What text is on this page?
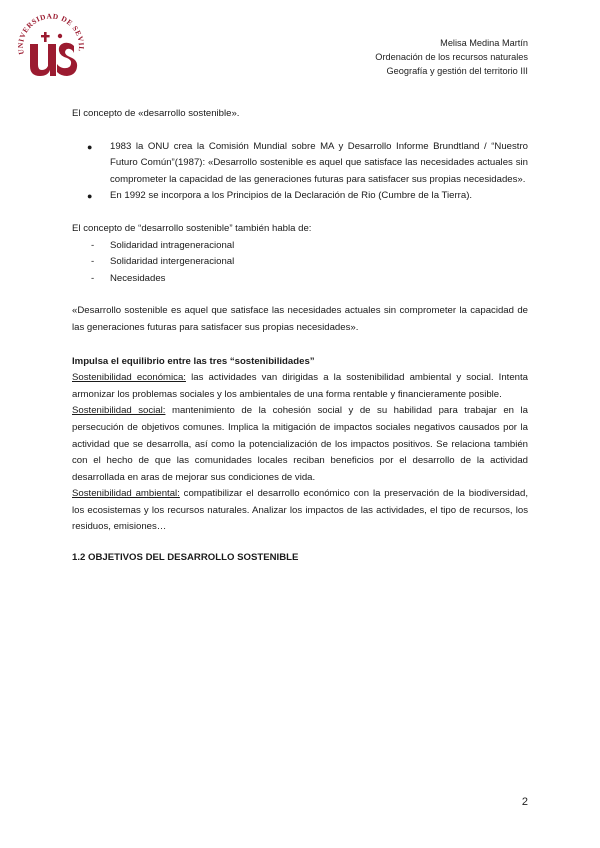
UNIVERSIDAD DE SEVIL
Melisa Medina Martín
Ordenación de los recursos naturales
Geografía y gestión del territorio III

El concepto de «desarrollo sostenible».

● 1983 la ONU crea la Comisión Mundial sobre MA y Desarrollo Informe Brundtland / “Nuestro Futuro Común”(1987): «Desarrollo sostenible es aquel que satisface las necesidades actuales sin comprometer la capacidad de las generaciones futuras para satisfacer sus propias necesidades».
● En 1992 se incorpora a los Principios de la Declaración de Rio (Cumbre de la Tierra).

El concepto de “desarrollo sostenible” también habla de:

- Solidaridad intrageneracional
- Solidaridad intergeneracional
- Necesidades

«Desarrollo sostenible es aquel que satisface las necesidades actuales sin comprometer la capacidad de las generaciones futuras para satisfacer sus propias necesidades».

Impulsa el equilibrio entre las tres “sostenibilidades”

Sostenibilidad económica: las actividades van dirigidas a la sostenibilidad ambiental y social. Intenta armonizar los problemas sociales y los ambientales de una forma rentable y financieramente posible.

Sostenibilidad social: mantenimiento de la cohesión social y de su habilidad para trabajar en la persecución de objetivos comunes. Implica la mitigación de impactos sociales negativos causados por la actividad que se desarrolla, así como la potencialización de los impactos positivos. Se relaciona también con el hecho de que las comunidades locales reciban beneficios por el desarrollo de la actividad desarrollada en aras de mejorar sus condiciones de vida.

Sostenibilidad ambiental: compatibilizar el desarrollo económico con la preservación de la biodiversidad, los ecosistemas y los recursos naturales. Analizar los impactos de las actividades, el tipo de recursos, los residuos, emisiones…

1.2 OBJETIVOS DEL DESARROLLO SOSTENIBLE

2
